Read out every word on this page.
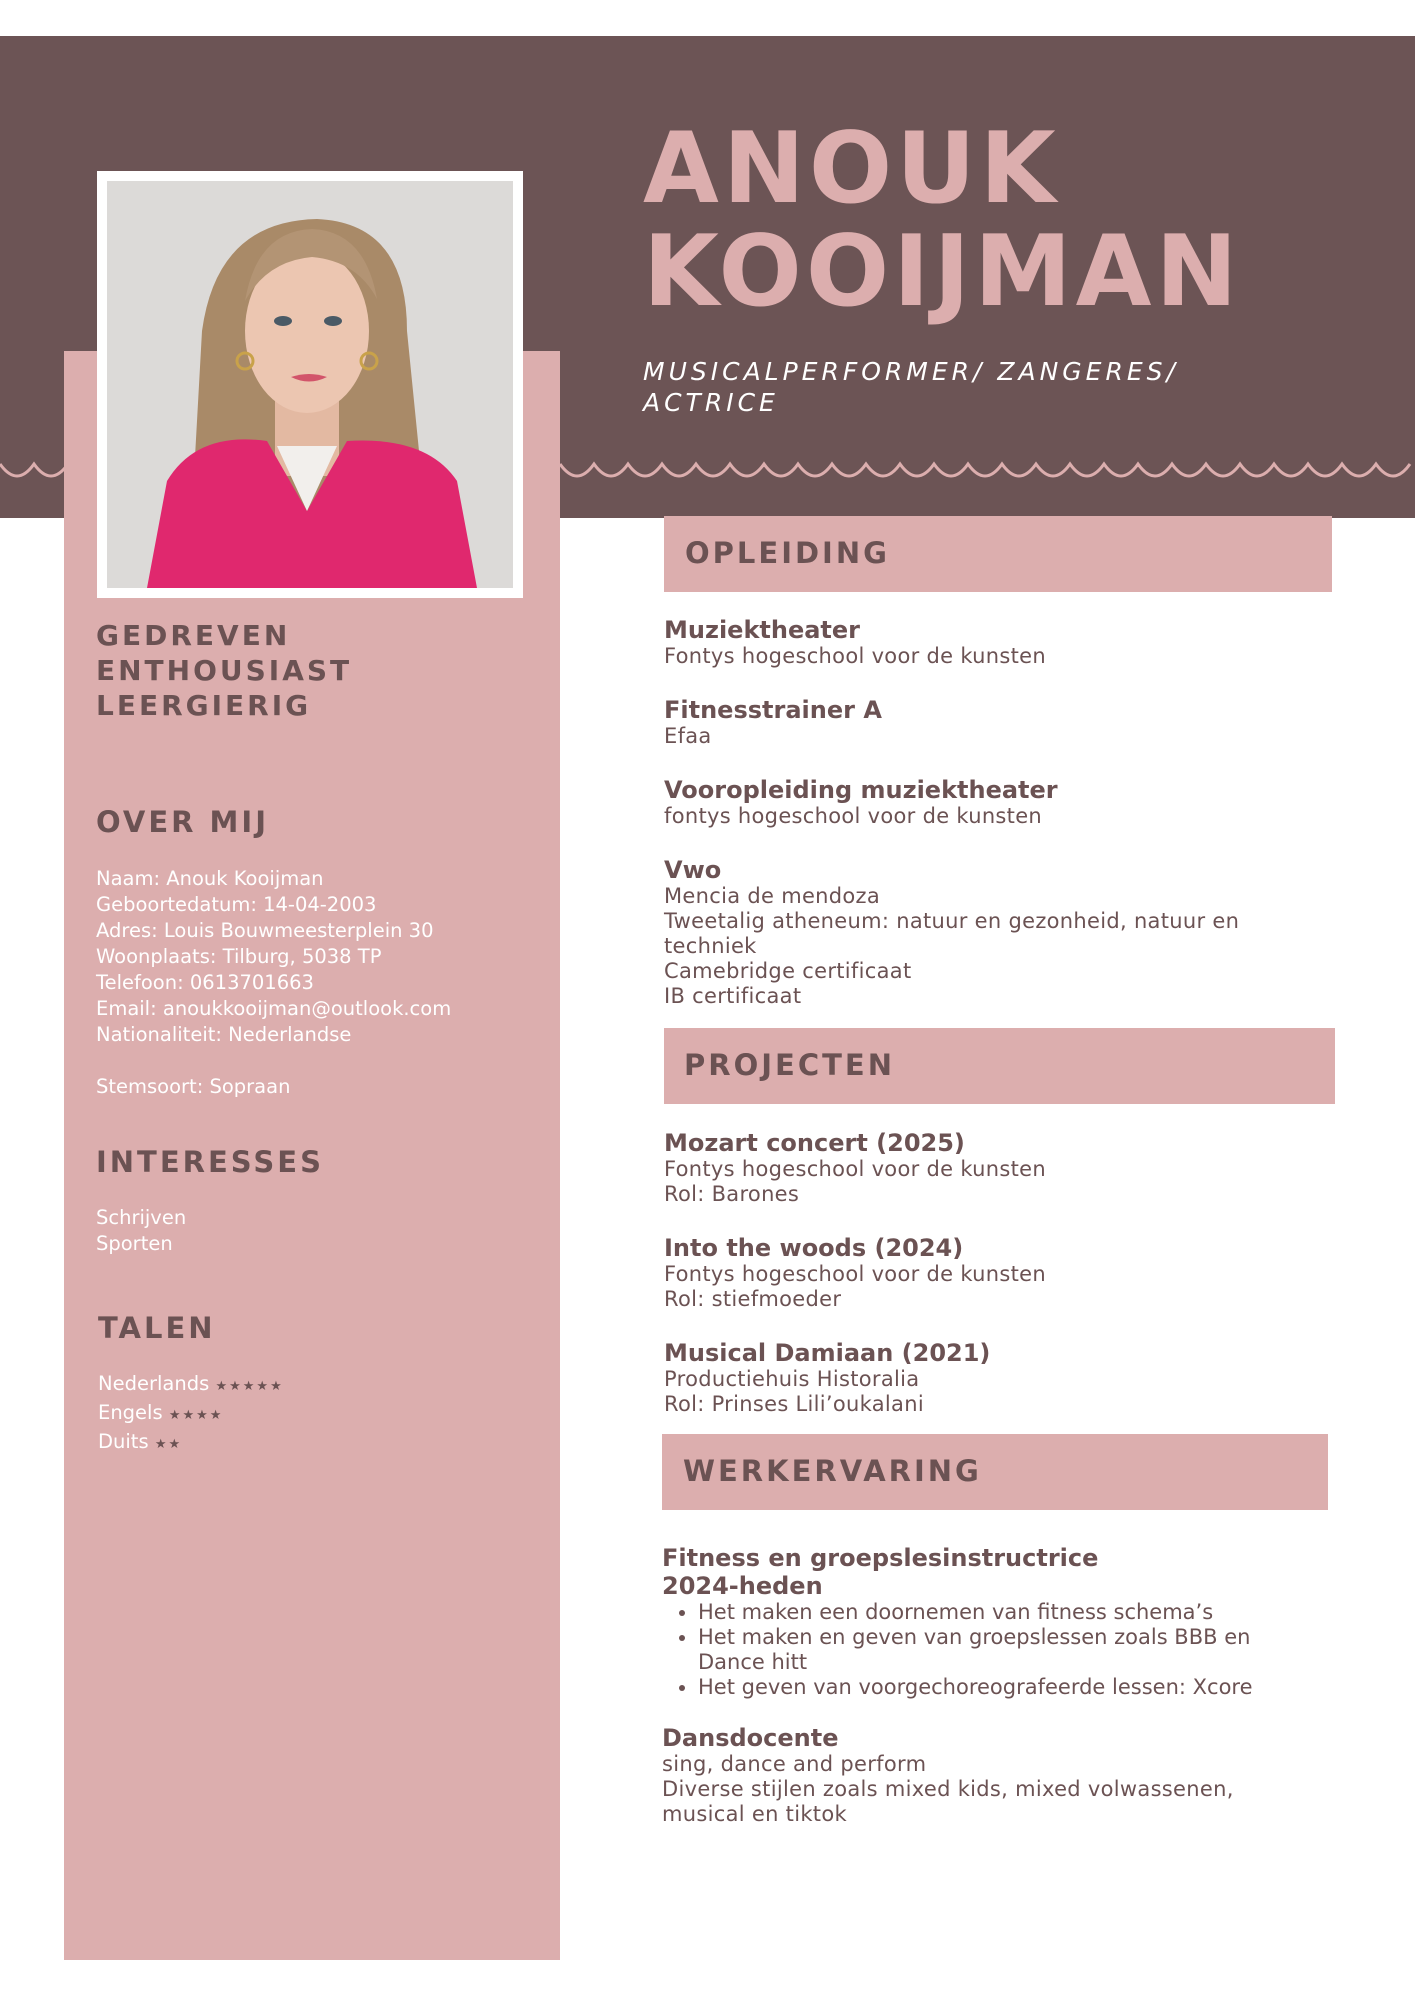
ANOUK
KOOIJMAN

MUSICALPERFORMER/ ZANGERES/ ACTRICE

GEDREVEN
ENTHOUSIAST
LEERGIERIG
OVER MIJ
Naam: Anouk Kooijman
Geboortedatum: 14-04-2003
Adres: Louis Bouwmeesterplein 30
Woonplaats: Tilburg, 5038 TP
Telefoon: 0613701663
Email: anoukkooijman@outlook.com
Nationaliteit: Nederlandse
Stemsoort: Sopraan
INTERESSES
Schrijven
Sporten
TALEN
Nederlands ★★★★★
Engels ★★★★
Duits ★★
OPLEIDING

Muziektheater

Fontys hogeschool voor de kunsten

Fitnesstrainer A

Efaa

Vooropleiding muziektheater

fontys hogeschool voor de kunsten

Vwo

Mencia de mendoza

Tweetalig atheneum: natuur en gezonheid, natuur en techniek

Camebridge certificaat

IB certificaat

PROJECTEN

Mozart concert (2025)

Fontys hogeschool voor de kunsten

Rol: Barones

Into the woods (2024)

Fontys hogeschool voor de kunsten

Rol: stiefmoeder

Musical Damiaan (2021)

Productiehuis Historalia

Rol: Prinses Lili’oukalani

WERKERVARING

Fitness en groepslesinstructrice

2024-heden

• Het maken een doornemen van fitness schema’s
• Het maken en geven van groepslessen zoals BBB en Dance hitt
• Het geven van voorgechoreografeerde lessen: Xcore

Dansdocente

sing, dance and perform

Diverse stijlen zoals mixed kids, mixed volwassenen, musical en tiktok
